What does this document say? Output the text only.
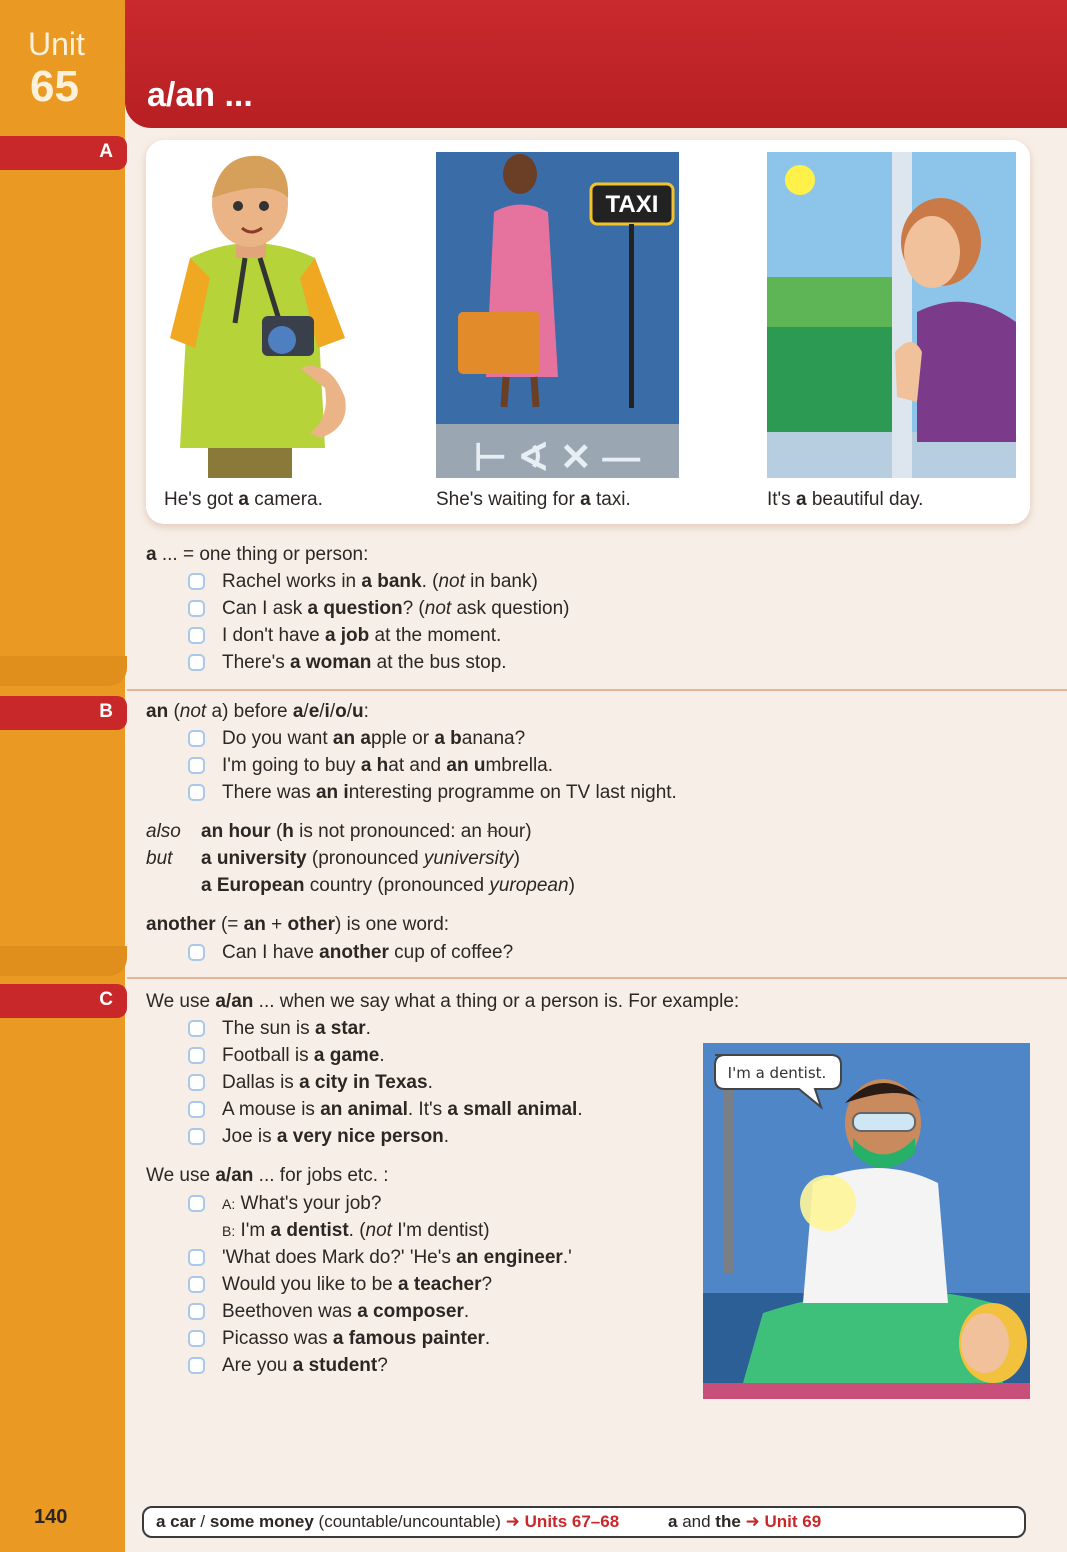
Unit
65 a/an ...
A
B
C
TAXI
⊢ ∢ ✕ —
He's got a camera.	She's waiting for a taxi.	It's a beautiful day.
a ... = one thing or person:
Rachel works in a bank. (not in bank)
Can I ask a question? (not ask question)
I don't have a job at the moment.
There's a woman at the bus stop.
an (not a) before a/e/i/o/u:
Do you want an apple or a banana?
I'm going to buy a hat and an umbrella.
There was an interesting programme on TV last night.
also an hour (h is not pronounced: an hour)
but a university (pronounced yuniversity)
a European country (pronounced yuropean)
another (= an + other) is one word:
Can I have another cup of coffee?
We use a/an ... when we say what a thing or a person is. For example:
The sun is a star.
Football is a game.
Dallas is a city in Texas.
A mouse is an animal. It's a small animal.
Joe is a very nice person.
We use a/an ... for jobs etc. :
A: What's your job?
B: I'm a dentist. (not I'm dentist)
'What does Mark do?' 'He's an engineer.'
Would you like to be a teacher?
Beethoven was a composer.
Picasso was a famous painter.
Are you a student?
I'm a dentist.
140	a car / some money (countable/uncountable) ➜ Units 67–68	a and the ➜ Unit 69
